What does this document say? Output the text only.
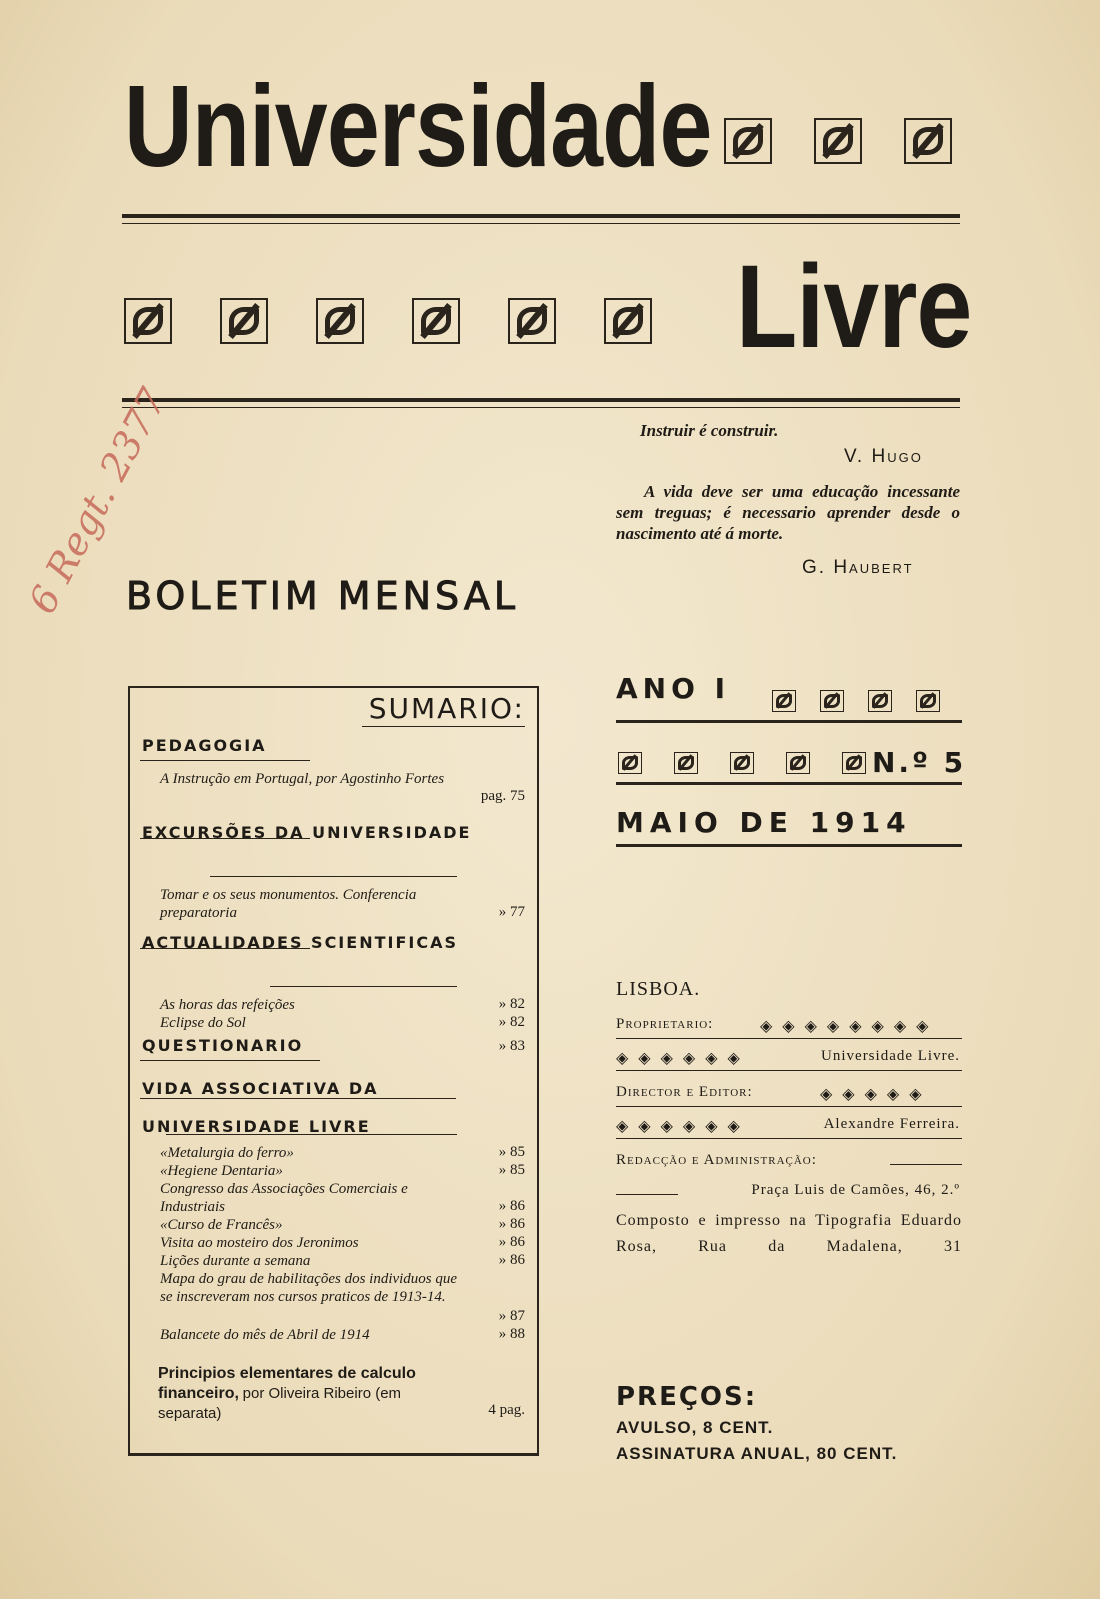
Universidade

Livre
Instruir é construir.
V. Hugo
A vida deve ser uma educação incessante sem treguas; é necessario aprender desde o nascimento até á morte.
G. Haubert
6 Regt. 2377
BOLETIM MENSAL
SUMARIO:
PEDAGOGIA
A Instrução em Portugal, por Agostinho Fortes
pag. 75
EXCURSÕES DA UNIVERSIDADE
Tomar e os seus monumentos. Conferencia preparatoria	» 77
ACTUALIDADES SCIENTIFICAS
As horas das refeições	» 82
Eclipse do Sol	» 82
QUESTIONARIO	» 83
VIDA ASSOCIATIVA DA UNIVERSIDADE LIVRE
«Metalurgia do ferro»	» 85
«Hegiene Dentaria»	» 85
Congresso das Associações Comerciais e Industriais	» 86
«Curso de Francês»	» 86
Visita ao mosteiro dos Jeronimos	» 86
Lições durante a semana	» 86
Mapa do grau de habilitações dos individuos que se inscreveram nos cursos praticos de 1913-14.
» 87
Balancete do mês de Abril de 1914	» 88
Principios elementares de calculo financeiro, por Oliveira Ribeiro (em separata)	4 pag.
ANO I

N.º 5
MAIO DE 1914
LISBOA.
Proprietario:	◈◈◈◈◈◈◈◈
◈◈◈◈◈◈	Universidade Livre.
Director e Editor:	◈◈◈◈◈
◈◈◈◈◈◈	Alexandre Ferreira.
Redacção e Administração:
Praça Luis de Camões, 46, 2.º
Composto e impresso na Tipografia Eduardo Rosa, Rua da Madalena, 31
PREÇOS:
AVULSO, 8 CENT.
ASSINATURA ANUAL, 80 CENT.
